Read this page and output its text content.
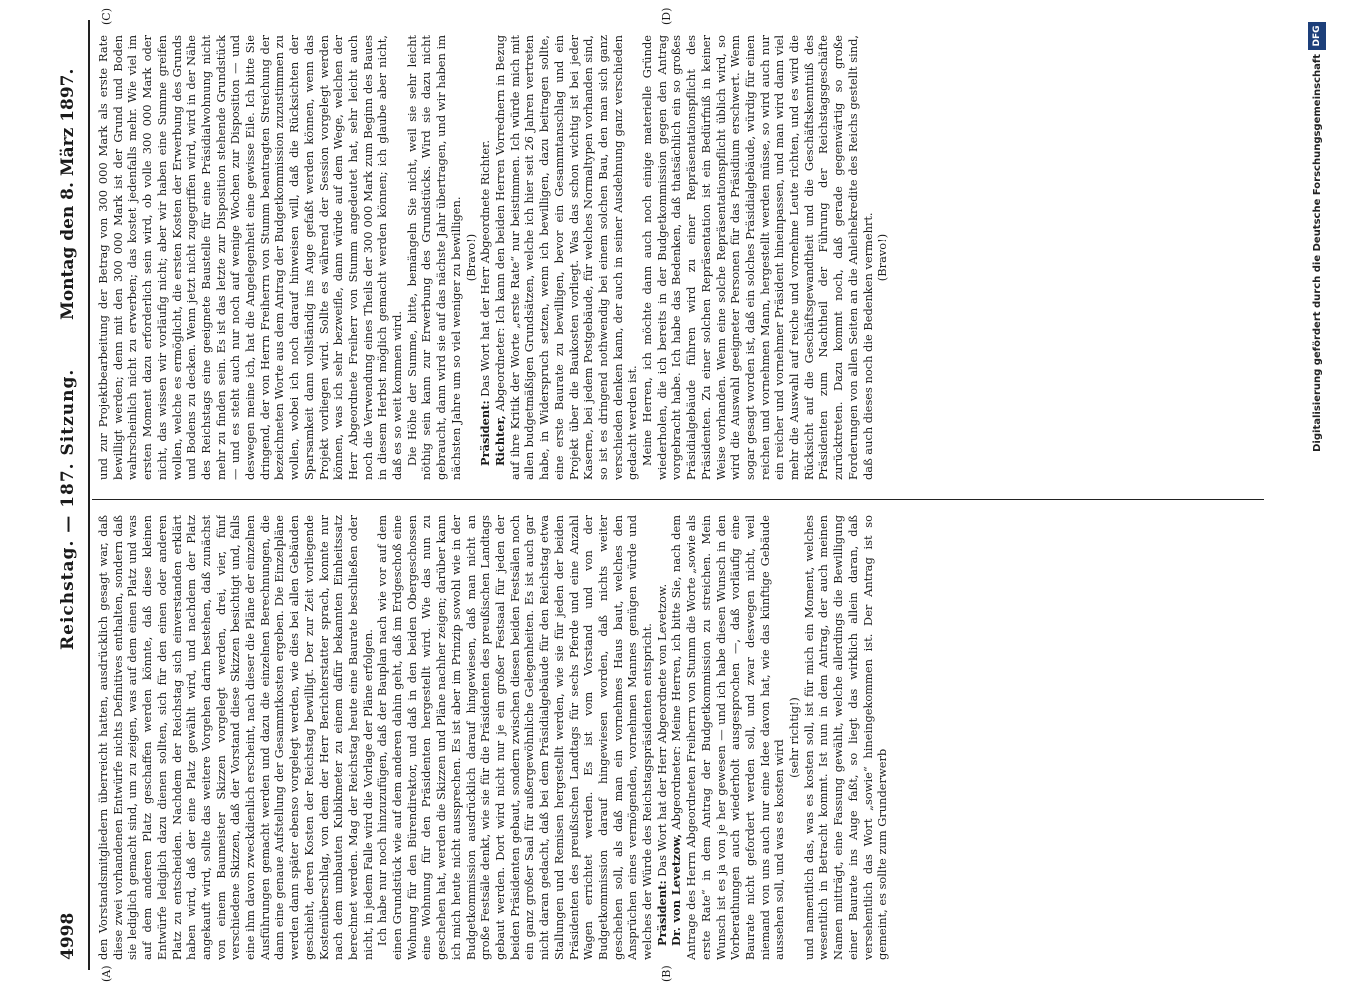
4998
Reichstag. — 187. Sitzung.
Montag den 8. März 1897.
(A)	(B)
(C)	(D)

den Vorstandsmitgliedern überreicht hatten, ausdrücklich gesagt war, daß diese zwei vorhandenen Entwürfe nichts Definitives enthalten, sondern daß sie lediglich gemacht sind, um zu zeigen, was auf dem einen Platz und was auf dem anderen Platz geschaffen werden könnte, daß diese kleinen Entwürfe lediglich dazu dienen sollten, sich für den einen oder anderen Platz zu entscheiden. Nachdem der Reichstag sich einverstanden erklärt haben wird, daß der eine Platz gewählt wird, und nachdem der Platz angekauft wird, sollte das weitere Vorgehen darin bestehen, daß zunächst von einem Baumeister Skizzen vorgelegt werden, drei, vier, fünf verschiedene Skizzen, daß der Vorstand diese Skizzen besichtigt und, falls eine ihm davon zweckdienlich erscheint, nach dieser die Pläne der einzelnen Ausführungen gemacht werden und dazu die einzelnen Berechnungen, die dann eine genaue Aufstellung der Gesammtkosten ergeben. Die Einzelpläne werden dann später ebenso vorgelegt werden, wie dies bei allen Gebäuden geschieht, deren Kosten der Reichstag bewilligt. Der zur Zeit vorliegende Kostenüberschlag, von dem der Herr Berichterstatter sprach, konnte nur nach dem umbauten Kubikmeter zu einem dafür bekannten Einheitssatz berechnet werden. Mag der Reichstag heute eine Baurate beschließen oder nicht, in jedem Falle wird die Vorlage der Pläne erfolgen. Ich habe nur noch hinzuzufügen, daß der Bauplan nach wie vor auf dem einen Grundstück wie auf dem anderen dahin geht, daß im Erdgeschoß eine Wohnung für den Bürendirektor, und daß in den beiden Obergeschossen eine Wohnung für den Präsidenten hergestellt wird. Wie das nun zu geschehen hat, werden die Skizzen und Pläne nachher zeigen; darüber kann ich mich heute nicht aussprechen. Es ist aber im Prinzip sowohl wie in der Budgetkommission ausdrücklich darauf hingewiesen, daß man nicht an große Festsäle denkt, wie sie für die Präsidenten des preußischen Landtags gebaut werden. Dort wird nicht nur je ein großer Festsaal für jeden der beiden Präsidenten gebaut, sondern zwischen diesen beiden Festsälen noch ein ganz großer Saal für außergewöhnliche Gelegenheiten. Es ist auch gar nicht daran gedacht, daß bei dem Präsidialgebäude für den Reichstag etwa Stallungen und Remisen hergestellt werden, wie sie für jeden der beiden Präsidenten des preußischen Landtags für sechs Pferde und eine Anzahl Wagen errichtet werden. Es ist vom Vorstand und von der Budgetkommission darauf hingewiesen worden, daß nichts weiter geschehen soll, als daß man ein vornehmes Haus baut, welches den Ansprüchen eines vermögenden, vornehmen Mannes genügen würde und welches der Würde des Reichstagspräsidenten entspricht. Präsident: Das Wort hat der Herr Abgeordnete von Levetzow.

Dr. von Levetzow, Abgeordneter: Meine Herren, ich bitte Sie, nach dem Antrage des Herrn Abgeordneten Freiherrn von Stumm die Worte „sowie als erste Rate“ in dem Antrag der Budgetkommission zu streichen. Mein Wunsch ist es ja von je her gewesen — und ich habe diesen Wunsch in den Vorberathungen auch wiederholt ausgesprochen —, daß vorläufig eine Baurate nicht gefordert werden soll, und zwar deswegen nicht, weil niemand von uns auch nur eine Idee davon hat, wie das künftige Gebäude aussehen soll, und was es kosten wird

(sehr richtig!) und namentlich das, was es kosten soll, ist für mich ein Moment, welches wesentlich in Betracht kommt. Ist nun in dem Antrag, der auch meinen Namen mitträgt, eine Fassung gewählt, welche allerdings die Bewilligung einer Baurate ins Auge faßt, so liegt das wirklich allein daran, daß versehentlich das Wort „sowie“ hineingekommen ist. Der Antrag ist so gemeint, es sollte zum Grunderwerb

und zur Projektbearbeitung der Betrag von 300 000 Mark als erste Rate bewilligt werden; denn mit den 300 000 Mark ist der Grund und Boden wahrscheinlich nicht zu erwerben; das kostet jedenfalls mehr. Wie viel im ersten Moment dazu erforderlich sein wird, ob volle 300 000 Mark oder nicht, das wissen wir vorläufig nicht; aber wir haben eine Summe greifen wollen, welche es ermöglicht, die ersten Kosten der Erwerbung des Grunds und Bodens zu decken. Wenn jetzt nicht zugegriffen wird, wird in der Nähe des Reichstags eine geeignete Baustelle für eine Präsidialwohnung nicht mehr zu finden sein. Es ist das letzte zur Disposition stehende Grundstück — und es steht auch nur noch auf wenige Wochen zur Disposition — und deswegen meine ich, hat die Angelegenheit eine gewisse Eile. Ich bitte Sie dringend, der von Herrn Freiherrn von Stumm beantragten Streichung der bezeichneten Worte aus dem Antrag der Budgetkommission zuzustimmen zu wollen, wobei ich noch darauf hinweisen will, daß die Rücksichten der Sparsamkeit dann vollständig ins Auge gefaßt werden können, wenn das Projekt vorliegen wird. Sollte es während der Session vorgelegt werden können, was ich sehr bezweifle, dann würde auf dem Wege, welchen der Herr Abgeordnete Freiherr von Stumm angedeutet hat, sehr leicht auch noch die Verwendung eines Theils der 300 000 Mark zum Beginn des Baues in diesem Herbst möglich gemacht werden können; ich glaube aber nicht, daß es so weit kommen wird. Die Höhe der Summe, bitte, bemängeln Sie nicht, weil sie sehr leicht nöthig sein kann zur Erwerbung des Grundstücks. Wird sie dazu nicht gebraucht, dann wird sie auf das nächste Jahr übertragen, und wir haben im nächsten Jahre um so viel weniger zu bewilligen. (Bravo!)

Präsident: Das Wort hat der Herr Abgeordnete Richter.

Richter, Abgeordneter: Ich kann den beiden Herren Vorrednern in Bezug auf ihre Kritik der Worte „erste Rate“ nur beistimmen. Ich würde mich mit allen budgetmäßigen Grundsätzen, welche ich hier seit 26 Jahren vertreten habe, in Widerspruch setzen, wenn ich bewilligen, dazu beitragen sollte, eine erste Baurate zu bewilligen, bevor ein Gesammtanschlag und ein Projekt über die Baukosten vorliegt. Was das schon wichtig ist bei jeder Kaserne, bei jedem Postgebäude, für welches Normaltypen vorhanden sind, so ist es dringend nothwendig bei einem solchen Bau, den man sich ganz verschieden denken kann, der auch in seiner Ausdehnung ganz verschieden gedacht werden ist. Meine Herren, ich möchte dann auch noch einige materielle Gründe wiederholen, die ich bereits in der Budgetkommission gegen den Antrag vorgebracht habe. Ich habe das Bedenken, daß thatsächlich ein so großes Präsidialgebäude führen wird zu einer Repräsentationspflicht des Präsidenten. Zu einer solchen Repräsentation ist ein Bedürfniß in keiner Weise vorhanden. Wenn eine solche Repräsentationspflicht üblich wird, so wird die Auswahl geeigneter Personen für das Präsidium erschwert. Wenn sogar gesagt worden ist, daß ein solches Präsidialgebäude, würdig für einen reichen und vornehmen Mann, hergestellt werden müsse, so wird auch nur ein reicher und vornehmer Präsident hineinpassen, und man wird dann viel mehr die Auswahl auf reiche und vornehme Leute richten, und es wird die Rücksicht auf die Geschäftsgewandtheit und die Geschäftskenntniß des Präsidenten zum Nachtheil der Führung der Reichstagsgeschäfte zurücktreten. Dazu kommt noch, daß gerade gegenwärtig so große Forderungen von allen Seiten an die Anleihekredite des Reichs gestellt sind, daß auch dieses noch die Bedenken vermehrt. (Bravo!)	Digitalisierung gefördert durch die Deutsche Forschungsgemeinschaft
DFG
